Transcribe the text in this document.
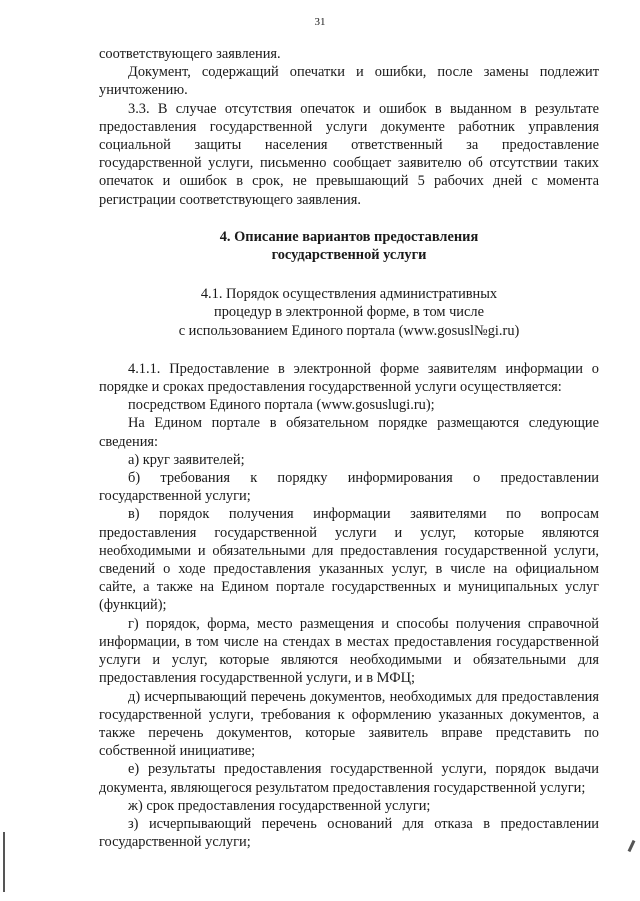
31

соответствующего заявления.

Документ, содержащий опечатки и ошибки, после замены подлежит уничтожению.

3.3. В случае отсутствия опечаток и ошибок в выданном в результате предоставления государственной услуги документе работник управления социальной защиты населения ответственный за предоставление государственной услуги, письменно сообщает заявителю об отсутствии таких опечаток и ошибок в срок, не превышающий 5 рабочих дней с момента регистрации соответствующего заявления.

4. Описание вариантов предоставления
государственной услуги
4.1. Порядок осуществления административных
процедур в электронной форме, в том числе
с использованием Единого портала (www.gosusl№gi.ru)

4.1.1. Предоставление в электронной форме заявителям информации о порядке и сроках предоставления государственной услуги осуществляется:

посредством Единого портала (www.gosuslugi.ru);

На Едином портале в обязательном порядке размещаются следующие сведения:

а) круг заявителей;

б) требования к порядку информирования о предоставлении государственной услуги;

в) порядок получения информации заявителями по вопросам предоставления государственной услуги и услуг, которые являются необходимыми и обязательными для предоставления государственной услуги, сведений о ходе предоставления указанных услуг, в числе на официальном сайте, а также на Едином портале государственных и муниципальных услуг (функций);

г) порядок, форма, место размещения и способы получения справочной информации, в том числе на стендах в местах предоставления государственной услуги и услуг, которые являются необходимыми и обязательными для предоставления государственной услуги, и в МФЦ;

д) исчерпывающий перечень документов, необходимых для предоставления государственной услуги, требования к оформлению указанных документов, а также перечень документов, которые заявитель вправе представить по собственной инициативе;

е) результаты предоставления государственной услуги, порядок выдачи документа, являющегося результатом предоставления государственной услуги;

ж) срок предоставления государственной услуги;

з) исчерпывающий перечень оснований для отказа в предоставлении государственной услуги;
